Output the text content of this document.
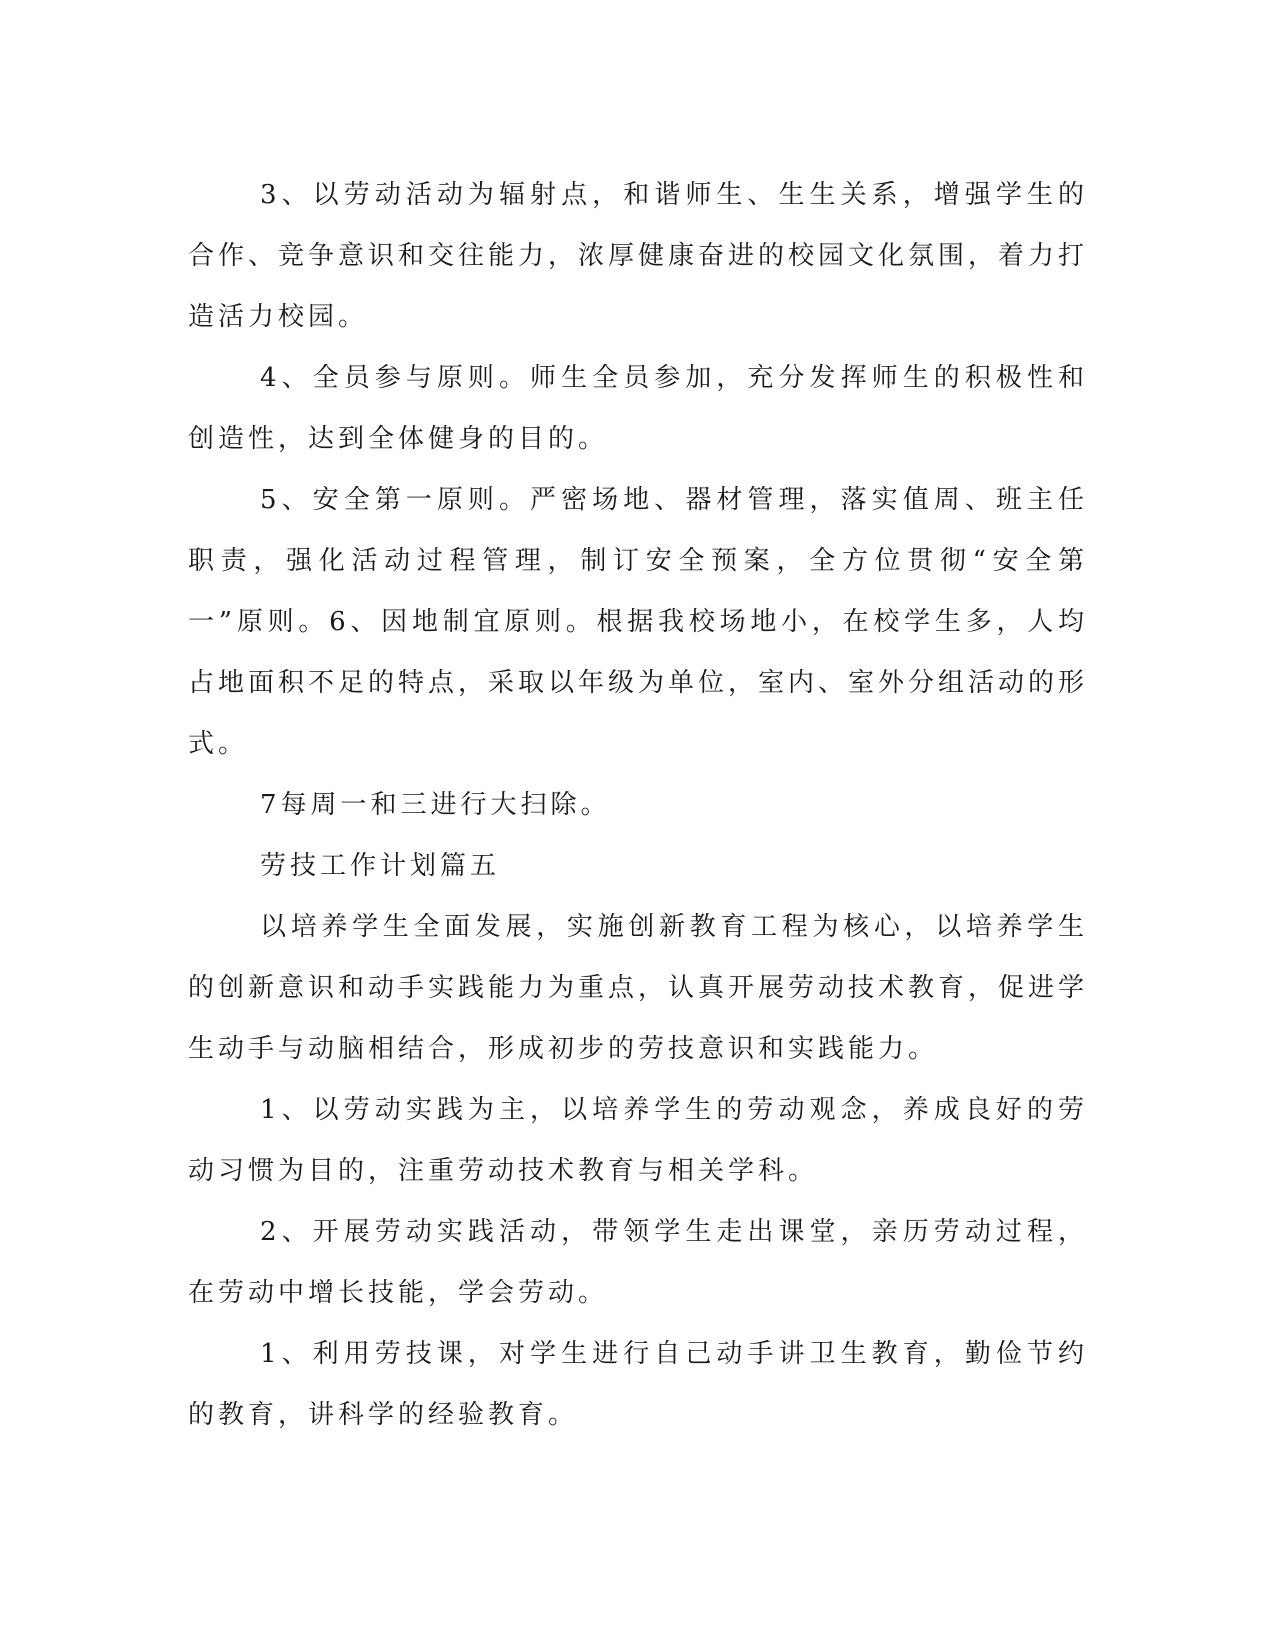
3、以劳动活动为辐射点，和谐师生、生生关系，增强学生的合作、竞争意识和交往能力，浓厚健康奋进的校园文化氛围，着力打造活力校园。

4、全员参与原则。师生全员参加，充分发挥师生的积极性和创造性，达到全体健身的目的。

5、安全第一原则。严密场地、器材管理，落实值周、班主任职责，强化活动过程管理，制订安全预案，全方位贯彻“安全第一”原则。6、因地制宜原则。根据我校场地小，在校学生多，人均占地面积不足的特点，采取以年级为单位，室内、室外分组活动的形式。

7每周一和三进行大扫除。

劳技工作计划篇五

以培养学生全面发展，实施创新教育工程为核心，以培养学生的创新意识和动手实践能力为重点，认真开展劳动技术教育，促进学生动手与动脑相结合，形成初步的劳技意识和实践能力。

1、以劳动实践为主，以培养学生的劳动观念，养成良好的劳动习惯为目的，注重劳动技术教育与相关学科。

2、开展劳动实践活动，带领学生走出课堂，亲历劳动过程，在劳动中增长技能，学会劳动。

1、利用劳技课，对学生进行自己动手讲卫生教育，勤俭节约的教育，讲科学的经验教育。
